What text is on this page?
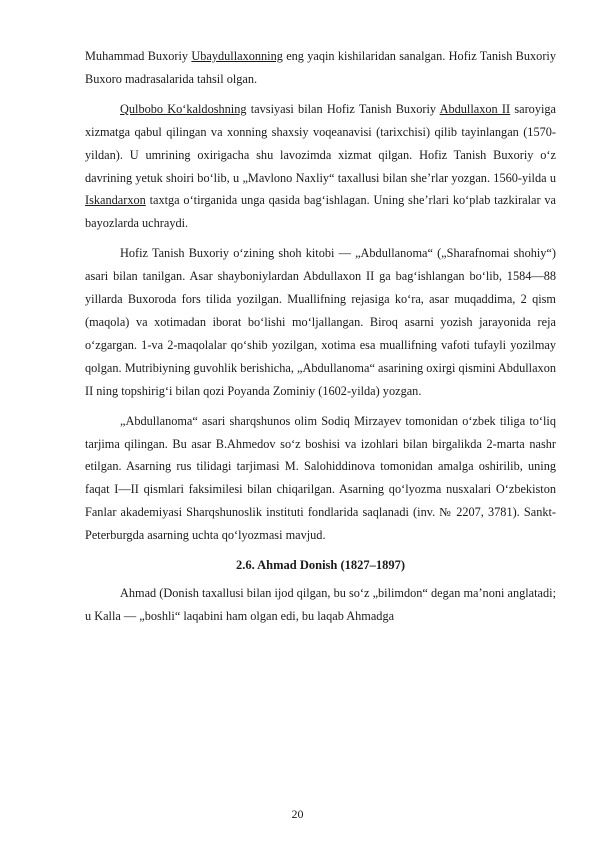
Muhammad Buxoriy Ubaydullaxonning eng yaqin kishilaridan sanalgan. Hofiz Tanish Buxoriy Buxoro madrasalarida tahsil olgan.

Qulbobo Ko‘kaldoshning tavsiyasi bilan Hofiz Tanish Buxoriy Abdullaxon II saroyiga xizmatga qabul qilingan va xonning shaxsiy voqeanavisi (tarixchisi) qilib tayinlangan (1570-yildan). U umrining oxirigacha shu lavozimda xizmat qilgan. Hofiz Tanish Buxoriy o‘z davrining yetuk shoiri bo‘lib, u „Mavlono Naxliy“ taxallusi bilan she’rlar yozgan. 1560-yilda u Iskandarxon taxtga o‘tirganida unga qasida bag‘ishlagan. Uning she’rlari ko‘plab tazkiralar va bayozlarda uchraydi.

Hofiz Tanish Buxoriy o‘zining shoh kitobi — „Abdullanoma“ („Sharafnomai shohiy“) asari bilan tanilgan. Asar shayboniylardan Abdullaxon II ga bag‘ishlangan bo‘lib, 1584—88 yillarda Buxoroda fors tilida yozilgan. Muallifning rejasiga ko‘ra, asar muqaddima, 2 qism (maqola) va xotimadan iborat bo‘lishi mo‘ljallangan. Biroq asarni yozish jarayonida reja o‘zgargan. 1-va 2-maqolalar qo‘shib yozilgan, xotima esa muallifning vafoti tufayli yozilmay qolgan. Mutribiyning guvohlik berishicha, „Abdullanoma“ asarining oxirgi qismini Abdullaxon II ning topshirig‘i bilan qozi Poyanda Zominiy (1602-yilda) yozgan.

„Abdullanoma“ asari sharqshunos olim Sodiq Mirzayev tomonidan o‘zbek tiliga to‘liq tarjima qilingan. Bu asar B.Ahmedov so‘z boshisi va izohlari bilan birgalikda 2-marta nashr etilgan. Asarning rus tilidagi tarjimasi M. Salohiddinova tomonidan amalga oshirilib, uning faqat I—II qismlari faksimilesi bilan chiqarilgan. Asarning qo‘lyozma nusxalari O‘zbekiston Fanlar akademiyasi Sharqshunoslik instituti fondlarida saqlanadi (inv. № 2207, 3781). Sankt-Peterburgda asarning uchta qo‘lyozmasi mavjud.

2.6. Ahmad Donish (1827–1897)

Ahmad (Donish taxallusi bilan ijod qilgan, bu so‘z „bilimdon“ degan ma’noni anglatadi; u Kalla — „boshli“ laqabini ham olgan edi, bu laqab Ahmadga

20
